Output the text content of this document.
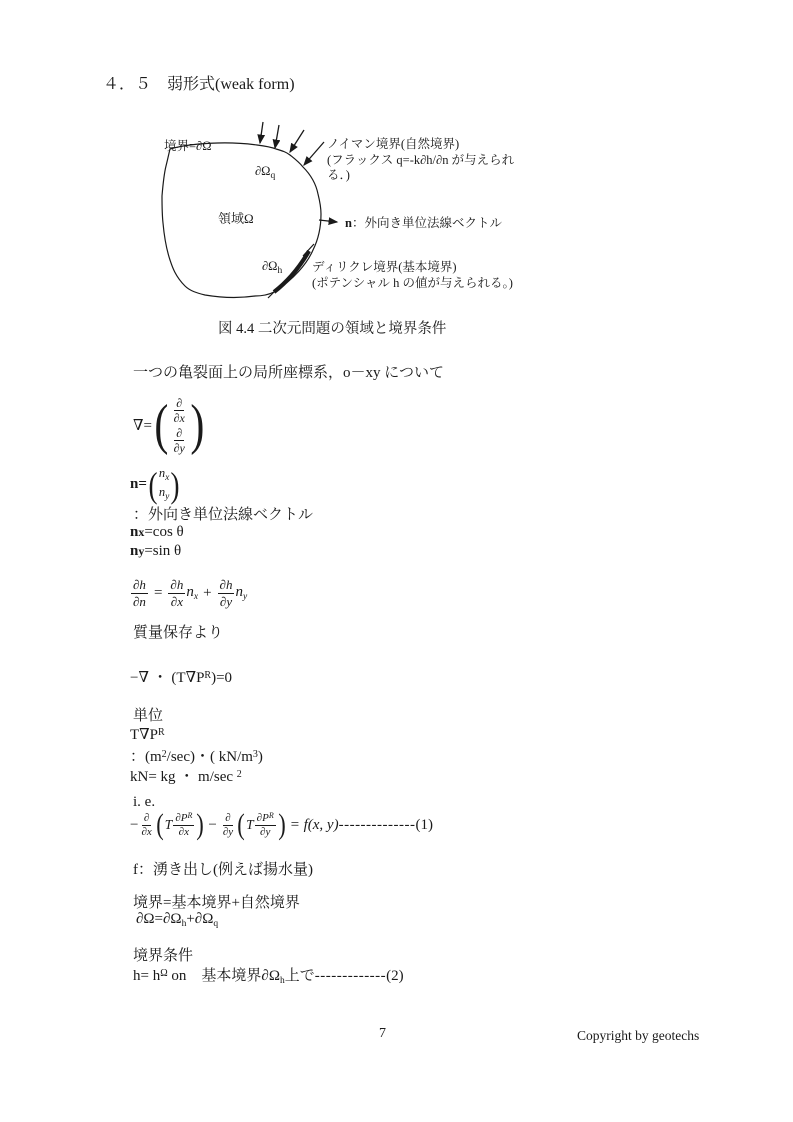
４．５　弱形式(weak form)
境界=∂Ω
$\partial\Omega_q$
領域Ω
ノイマン境界(自然境界)
(フラックス q=-k∂h/∂n が与えられ
る．)
n：外向き単位法線ベクトル
$\partial\Omega_h$ ディリクレ境界(基本境界)
(ポテンシャル h の値が与えられる。)
図 4.4 二次元問題の領域と境界条件
一つの亀裂面上の局所座標系，o－xy について
∇= ( $\frac{\partial}{\partial x}$
$\frac{\partial}{\partial y}$ )
n= ( $n_x$
$n_y$ )
：外向き単位法線ベクトル
nx=cos θ
ny=sin θ
$\frac{\partial h}{\partial n} = \frac{\partial h}{\partial x} n_x + \frac{\partial h}{\partial y} n_y$
質量保存より
−∇ ・ $(T\nabla P^R)=0$
単位
$T\nabla P^R$
：$(m^2/\sec)$・( $kN/m^3$)
kN= kg ・ m/sec $^2$
i. e.
− $\frac{\partial}{\partial x}$ ( T $\frac{\partial P^R}{\partial x}$ ) − $\frac{\partial}{\partial y}$ ( T $\frac{\partial P^R}{\partial y}$ ) = f(x, y) -------------- (1)
f：湧き出し(例えば揚水量)
境界=基本境界+自然境界
$\partial\Omega=\partial\Omega_h+\partial\Omega_q$
境界条件
$h= h^\Omega$ on　基本境界$\partial\Omega_h$上で-------------(2)
7	Copyright by geotechs
